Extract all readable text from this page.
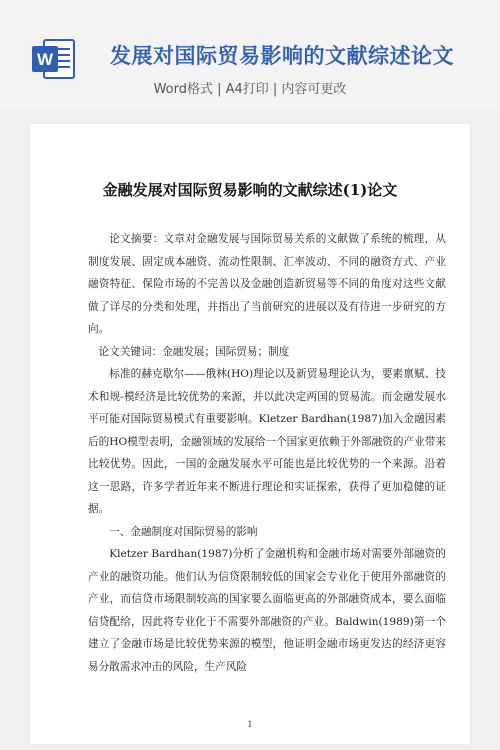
W	发展对国际贸易影响的文献综述论文
Word格式 | A4打印 | 内容可更改
金融发展对国际贸易影响的文献综述(1)论文

论文摘要：文章对金融发展与国际贸易关系的文献做了系统的梳理，从制度发展、固定成本融资、流动性限制、汇率波动、不同的融资方式、产业融资特征、保险市场的不完善以及金融创造新贸易等不同的角度对这些文献做了详尽的分类和处理，并指出了当前研究的进展以及有待进一步研究的方向。

论文关键词：金融发展；国际贸易；制度

标准的赫克歇尔——俄林(HO)理论以及新贸易理论认为，要素禀赋、技术和规-模经济是比较优势的来源，并以此决定两国的贸易流。而金融发展水平可能对国际贸易模式有重要影响。Kletzer Bardhan(1987)加入金融因素后的HO模型表明，金融领域的发展给一个国家更依赖于外部融资的产业带来比较优势。因此，一国的金融发展水平可能也是比较优势的一个来源。沿着这一思路，许多学者近年来不断进行理论和实证探索，获得了更加稳健的证据。

一、金融制度对国际贸易的影响

Kletzer Bardhan(1987)分析了金融机构和金融市场对需要外部融资的产业的融资功能。他们认为信贷限制较低的国家会专业化于使用外部融资的产业，而信贷市场限制较高的国家要么面临更高的外部融资成本，要么面临信贷配给，因此将专业化于不需要外部融资的产业。Baldwin(1989)第一个建立了金融市场是比较优势来源的模型，他证明金融市场更发达的经济更容易分散需求冲击的风险，生产风险

1
